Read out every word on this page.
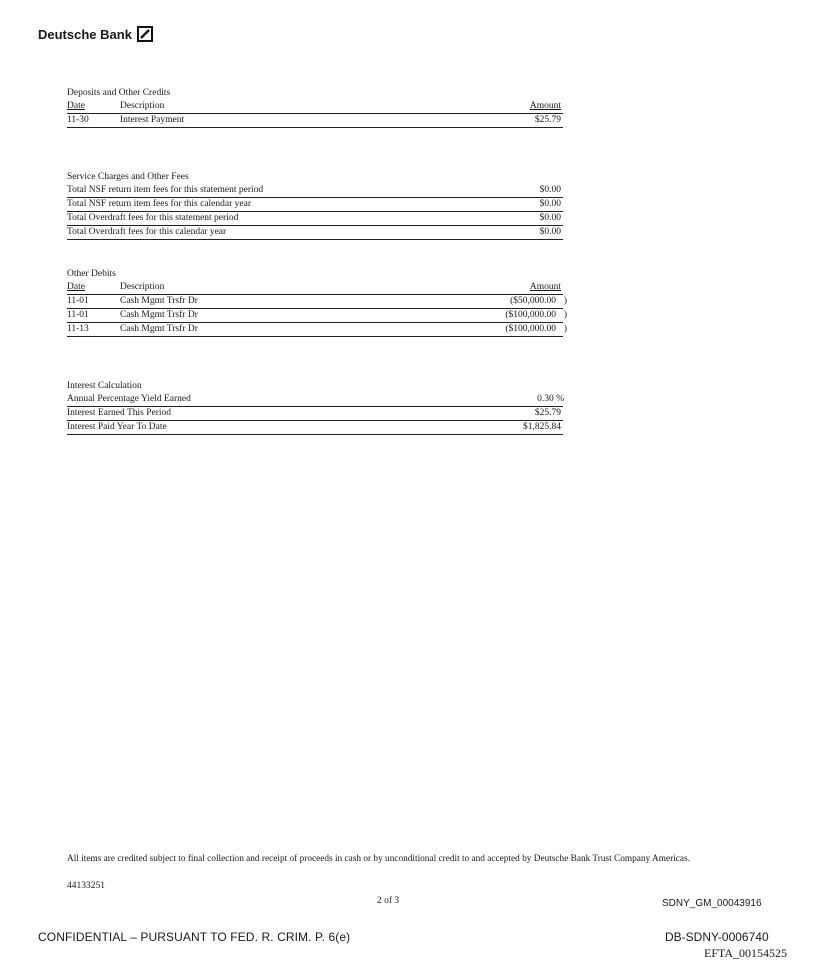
Deutsche Bank
Deposits and Other Credits
Date	Description	Amount
11-30	Interest Payment	$25.79
Service Charges and Other Fees
Total NSF return item fees for this statement period	$0.00
Total NSF return item fees for this calendar year	$0.00
Total Overdraft fees for this statement period	$0.00
Total Overdraft fees for this calendar year	$0.00
Other Debits
Date	Description	Amount
11-01	Cash Mgmt Trsfr Dr	($50,000.00 )
11-01	Cash Mgmt Trsfr Dr	($100,000.00 )
11-13	Cash Mgmt Trsfr Dr	($100,000.00 )
Interest Calculation
Annual Percentage Yield Earned	0.30 %
Interest Earned This Period	$25.79
Interest Paid Year To Date	$1,825.84
All items are credited subject to final collection and receipt of proceeds in cash or by unconditional credit to and accepted by Deutsche Bank Trust Company Americas.
44133251
2 of 3	SDNY_GM_00043916
CONFIDENTIAL – PURSUANT TO FED. R. CRIM. P. 6(e)	DB-SDNY-0006740
EFTA_00154525
